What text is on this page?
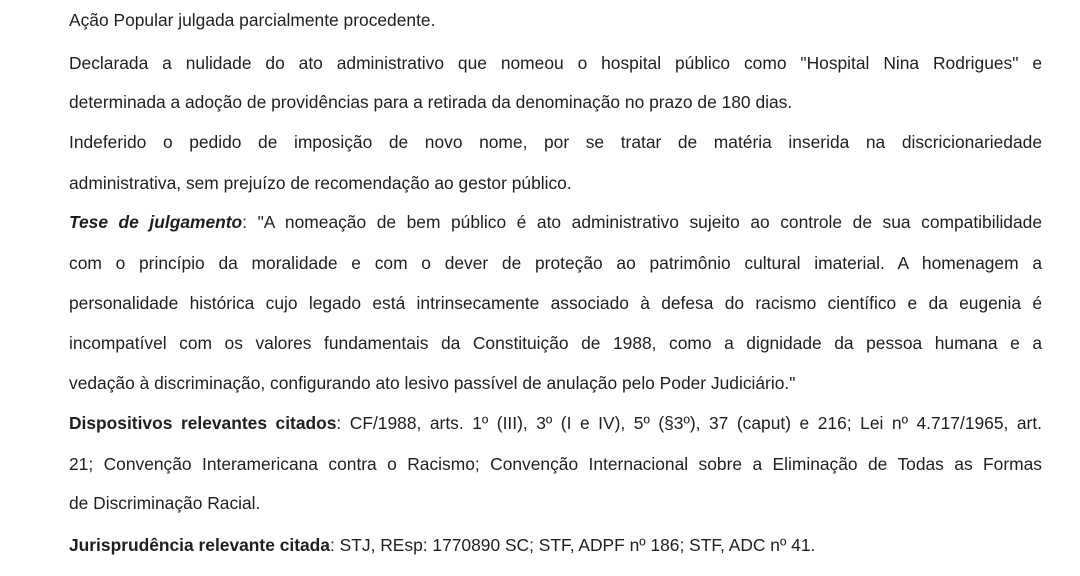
Ação Popular julgada parcialmente procedente.
Declarada a nulidade do ato administrativo que nomeou o hospital público como "Hospital Nina Rodrigues" e
determinada a adoção de providências para a retirada da denominação no prazo de 180 dias.
Indeferido o pedido de imposição de novo nome, por se tratar de matéria inserida na discricionariedade
administrativa, sem prejuízo de recomendação ao gestor público.
Tese de julgamento: "A nomeação de bem público é ato administrativo sujeito ao controle de sua compatibilidade
com o princípio da moralidade e com o dever de proteção ao patrimônio cultural imaterial. A homenagem a
personalidade histórica cujo legado está intrinsecamente associado à defesa do racismo científico e da eugenia é
incompatível com os valores fundamentais da Constituição de 1988, como a dignidade da pessoa humana e a
vedação à discriminação, configurando ato lesivo passível de anulação pelo Poder Judiciário."
Dispositivos relevantes citados: CF/1988, arts. 1º (III), 3º (I e IV), 5º (§3º), 37 (caput) e 216; Lei nº 4.717/1965, art.
21; Convenção Interamericana contra o Racismo; Convenção Internacional sobre a Eliminação de Todas as Formas
de Discriminação Racial.
Jurisprudência relevante citada: STJ, REsp: 1770890 SC; STF, ADPF nº 186; STF, ADC nº 41.
